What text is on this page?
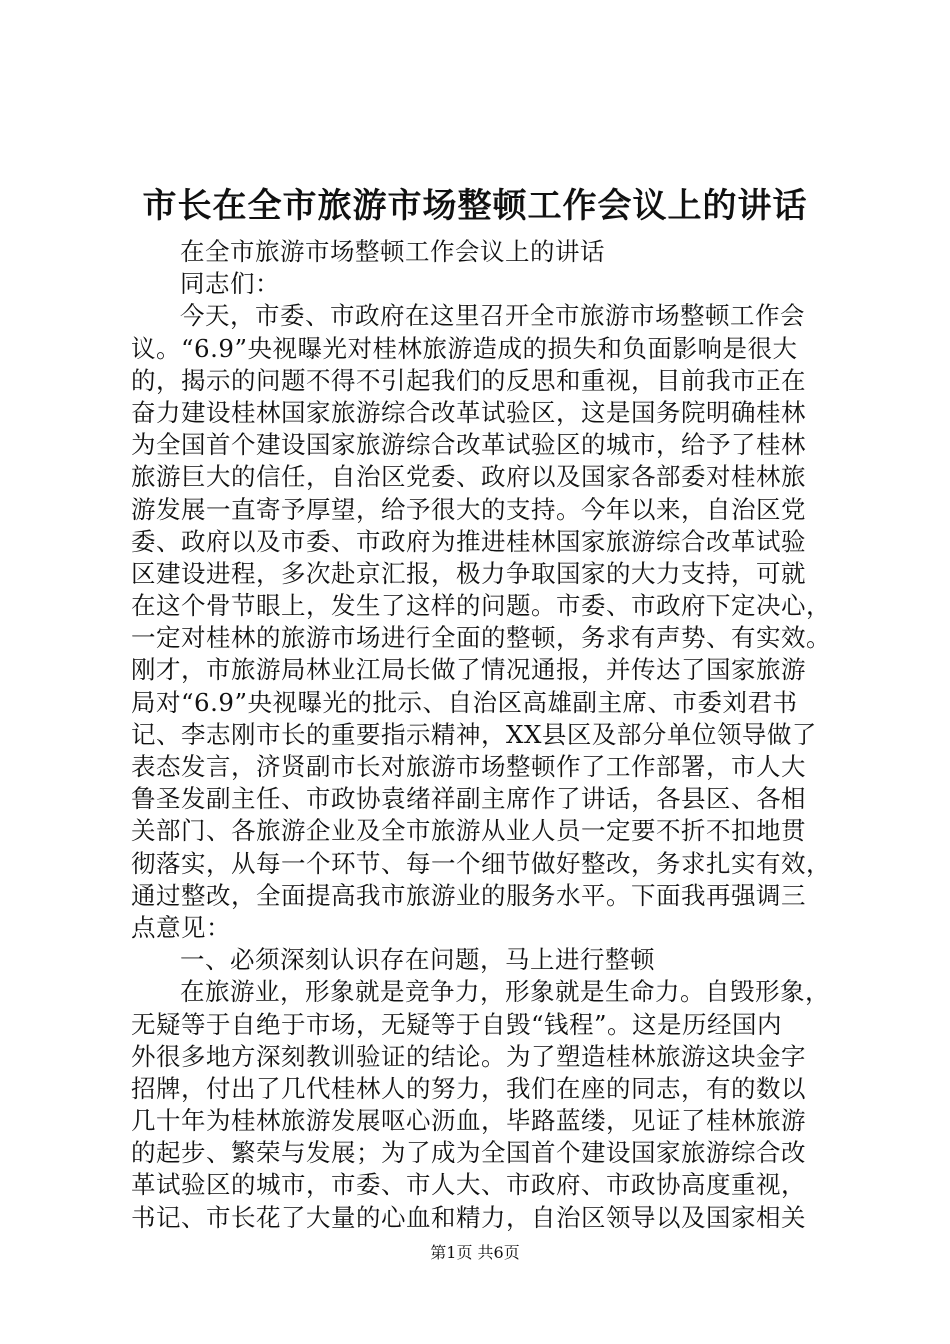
市长在全市旅游市场整顿工作会议上的讲话
在全市旅游市场整顿工作会议上的讲话
同志们：
今天，市委、市政府在这里召开全市旅游市场整顿工作会
议。“6.9”央视曝光对桂林旅游造成的损失和负面影响是很大
的，揭示的问题不得不引起我们的反思和重视，目前我市正在
奋力建设桂林国家旅游综合改革试验区，这是国务院明确桂林
为全国首个建设国家旅游综合改革试验区的城市，给予了桂林
旅游巨大的信任，自治区党委、政府以及国家各部委对桂林旅
游发展一直寄予厚望，给予很大的支持。今年以来，自治区党
委、政府以及市委、市政府为推进桂林国家旅游综合改革试验
区建设进程，多次赴京汇报，极力争取国家的大力支持，可就
在这个骨节眼上，发生了这样的问题。市委、市政府下定决心，
一定对桂林的旅游市场进行全面的整顿，务求有声势、有实效。
刚才，市旅游局林业江局长做了情况通报，并传达了国家旅游
局对“6.9”央视曝光的批示、自治区高雄副主席、市委刘君书
记、李志刚市长的重要指示精神，XX县区及部分单位领导做了
表态发言，济贤副市长对旅游市场整顿作了工作部署，市人大
鲁圣发副主任、市政协袁绪祥副主席作了讲话，各县区、各相
关部门、各旅游企业及全市旅游从业人员一定要不折不扣地贯
彻落实，从每一个环节、每一个细节做好整改，务求扎实有效，
通过整改，全面提高我市旅游业的服务水平。下面我再强调三
点意见：
一、必须深刻认识存在问题，马上进行整顿
在旅游业，形象就是竞争力，形象就是生命力。自毁形象，
无疑等于自绝于市场，无疑等于自毁“钱程”。这是历经国内
外很多地方深刻教训验证的结论。为了塑造桂林旅游这块金字
招牌，付出了几代桂林人的努力，我们在座的同志，有的数以
几十年为桂林旅游发展呕心沥血，毕路蓝缕，见证了桂林旅游
的起步、繁荣与发展；为了成为全国首个建设国家旅游综合改
革试验区的城市，市委、市人大、市政府、市政协高度重视，
书记、市长花了大量的心血和精力，自治区领导以及国家相关
第1页 共6页
